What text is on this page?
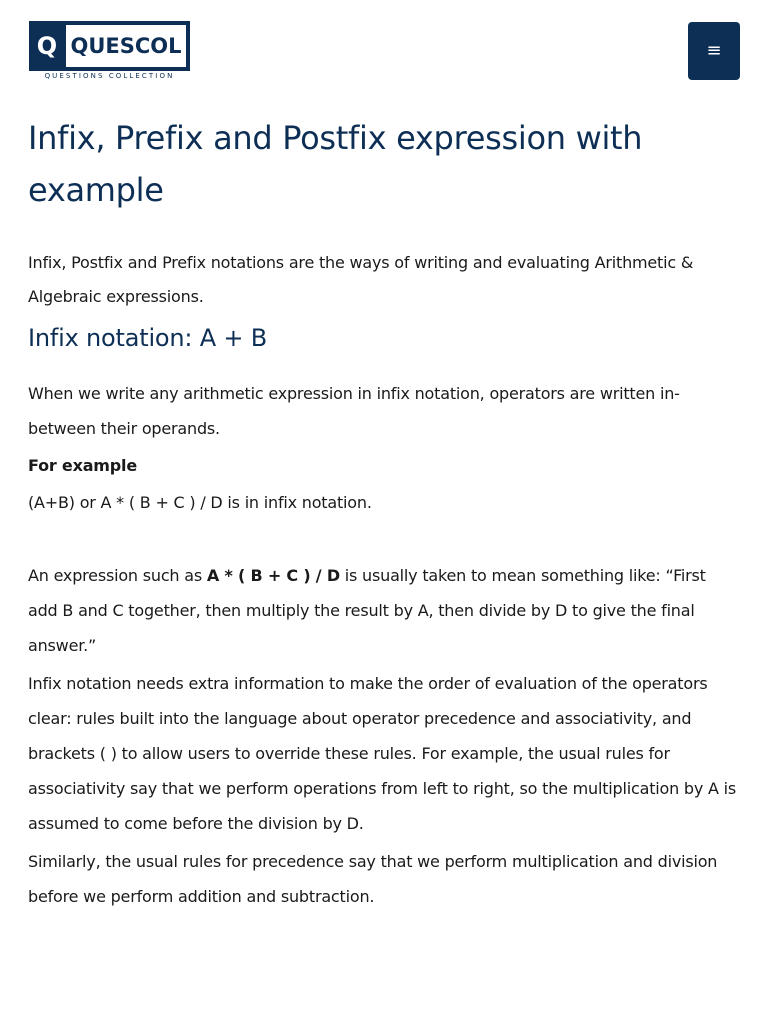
Q QUESCOL
QUESTIONS COLLECTION
≡
Infix, Prefix and Postfix expression with example

Infix, Postfix and Prefix notations are the ways of writing and evaluating Arithmetic & Algebraic expressions.

Infix notation: A + B

When we write any arithmetic expression in infix notation, operators are written in-between their operands.

For example

(A+B) or A * ( B + C ) / D is in infix notation.

An expression such as A * ( B + C ) / D is usually taken to mean something like: “First add B and C together, then multiply the result by A, then divide by D to give the final answer.”

Infix notation needs extra information to make the order of evaluation of the operators clear: rules built into the language about operator precedence and associativity, and brackets ( ) to allow users to override these rules. For example, the usual rules for associativity say that we perform operations from left to right, so the multiplication by A is assumed to come before the division by D.

Similarly, the usual rules for precedence say that we perform multiplication and division before we perform addition and subtraction.
